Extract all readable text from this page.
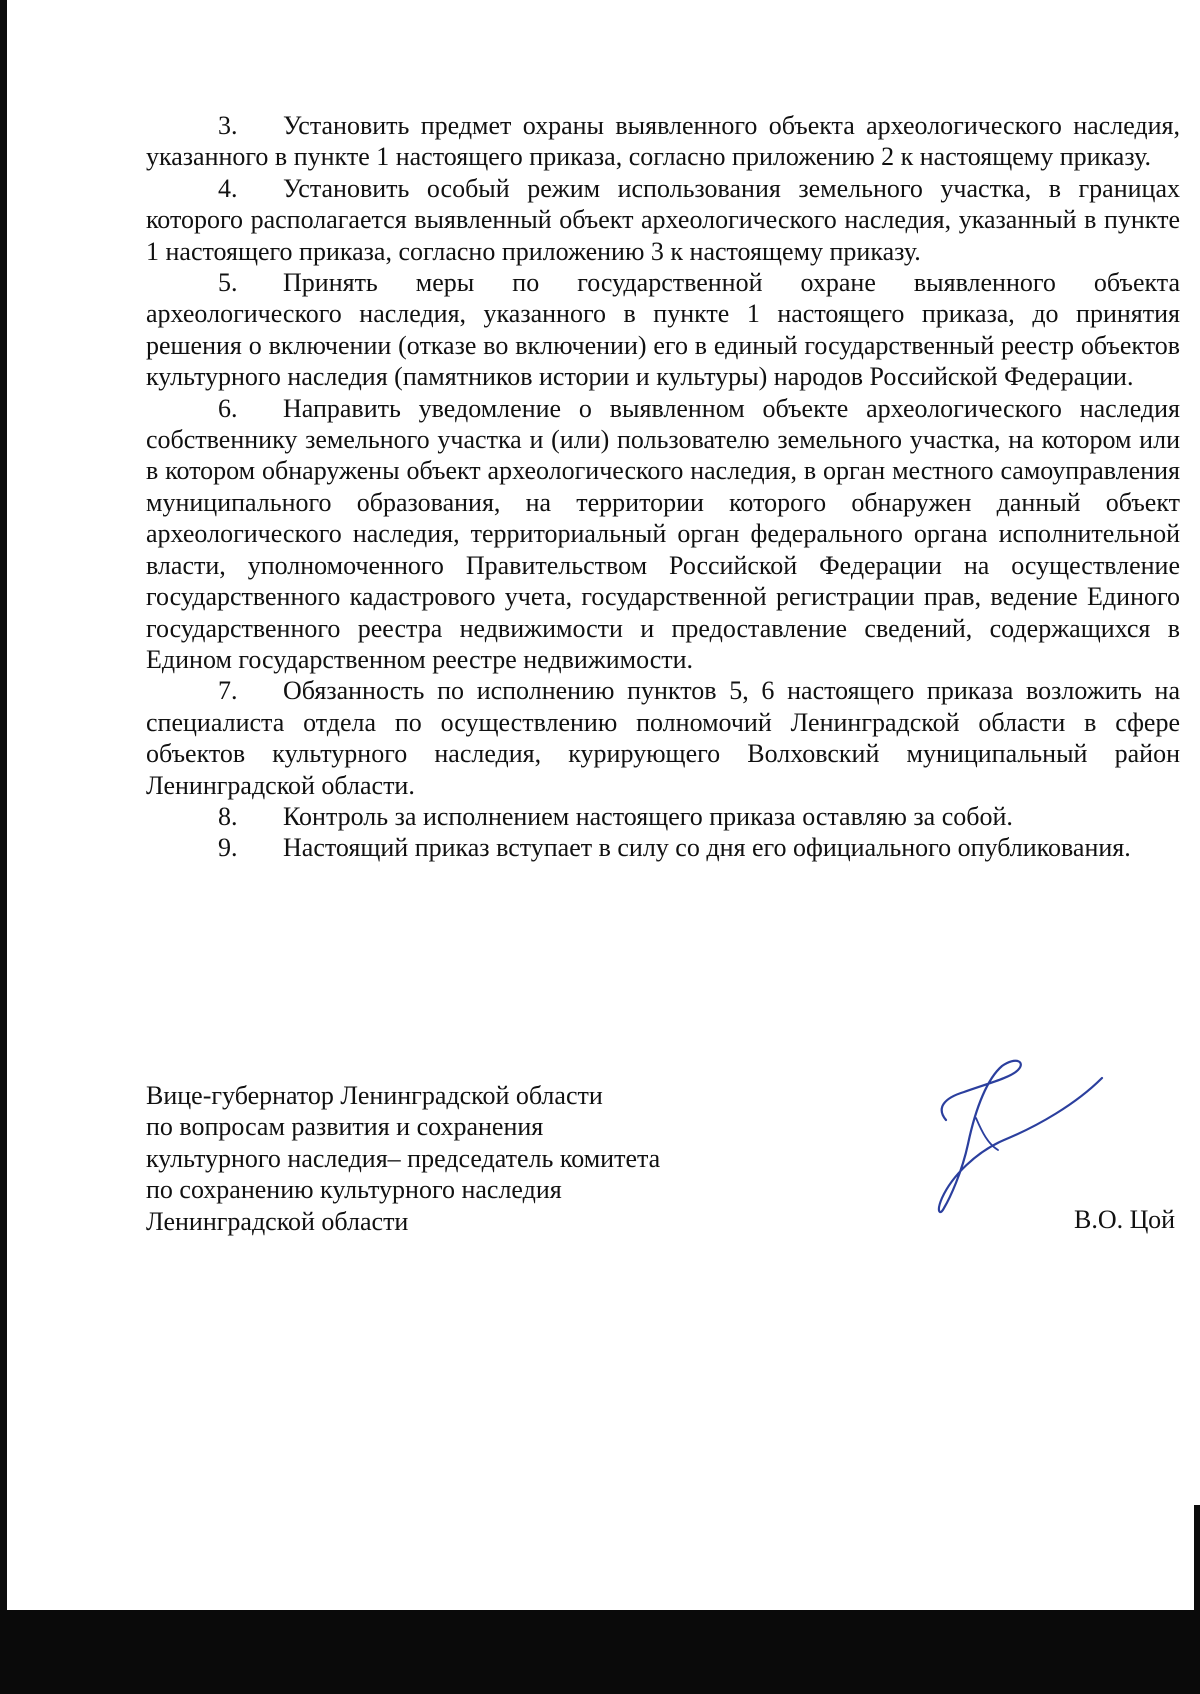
3. Установить предмет охраны выявленного объекта археологического наследия, указанного в пункте 1 настоящего приказа, согласно приложению 2 к настоящему приказу.

4. Установить особый режим использования земельного участка, в границах которого располагается выявленный объект археологического наследия, указанный в пункте 1 настоящего приказа, согласно приложению 3 к настоящему приказу.

5. Принять меры по государственной охране выявленного объекта археологического наследия, указанного в пункте 1 настоящего приказа, до принятия решения о включении (отказе во включении) его в единый государственный реестр объектов культурного наследия (памятников истории и культуры) народов Российской Федерации.

6. Направить уведомление о выявленном объекте археологического наследия собственнику земельного участка и (или) пользователю земельного участка, на котором или в котором обнаружены объект археологического наследия, в орган местного самоуправления муниципального образования, на территории которого обнаружен данный объект археологического наследия, территориальный орган федерального органа исполнительной власти, уполномоченного Правительством Российской Федерации на осуществление государственного кадастрового учета, государственной регистрации прав, ведение Единого государственного реестра недвижимости и предоставление сведений, содержащихся в Едином государственном реестре недвижимости.

7. Обязанность по исполнению пунктов 5, 6 настоящего приказа возложить на специалиста отдела по осуществлению полномочий Ленинградской области в сфере объектов культурного наследия, курирующего Волховский муниципальный район Ленинградской области.

8. Контроль за исполнением настоящего приказа оставляю за собой.

9. Настоящий приказ вступает в силу со дня его официального опубликования.

Вице-губернатор Ленинградской области
по вопросам развития и сохранения
культурного наследия– председатель комитета
по сохранению культурного наследия
Ленинградской области	В.О. Цой
